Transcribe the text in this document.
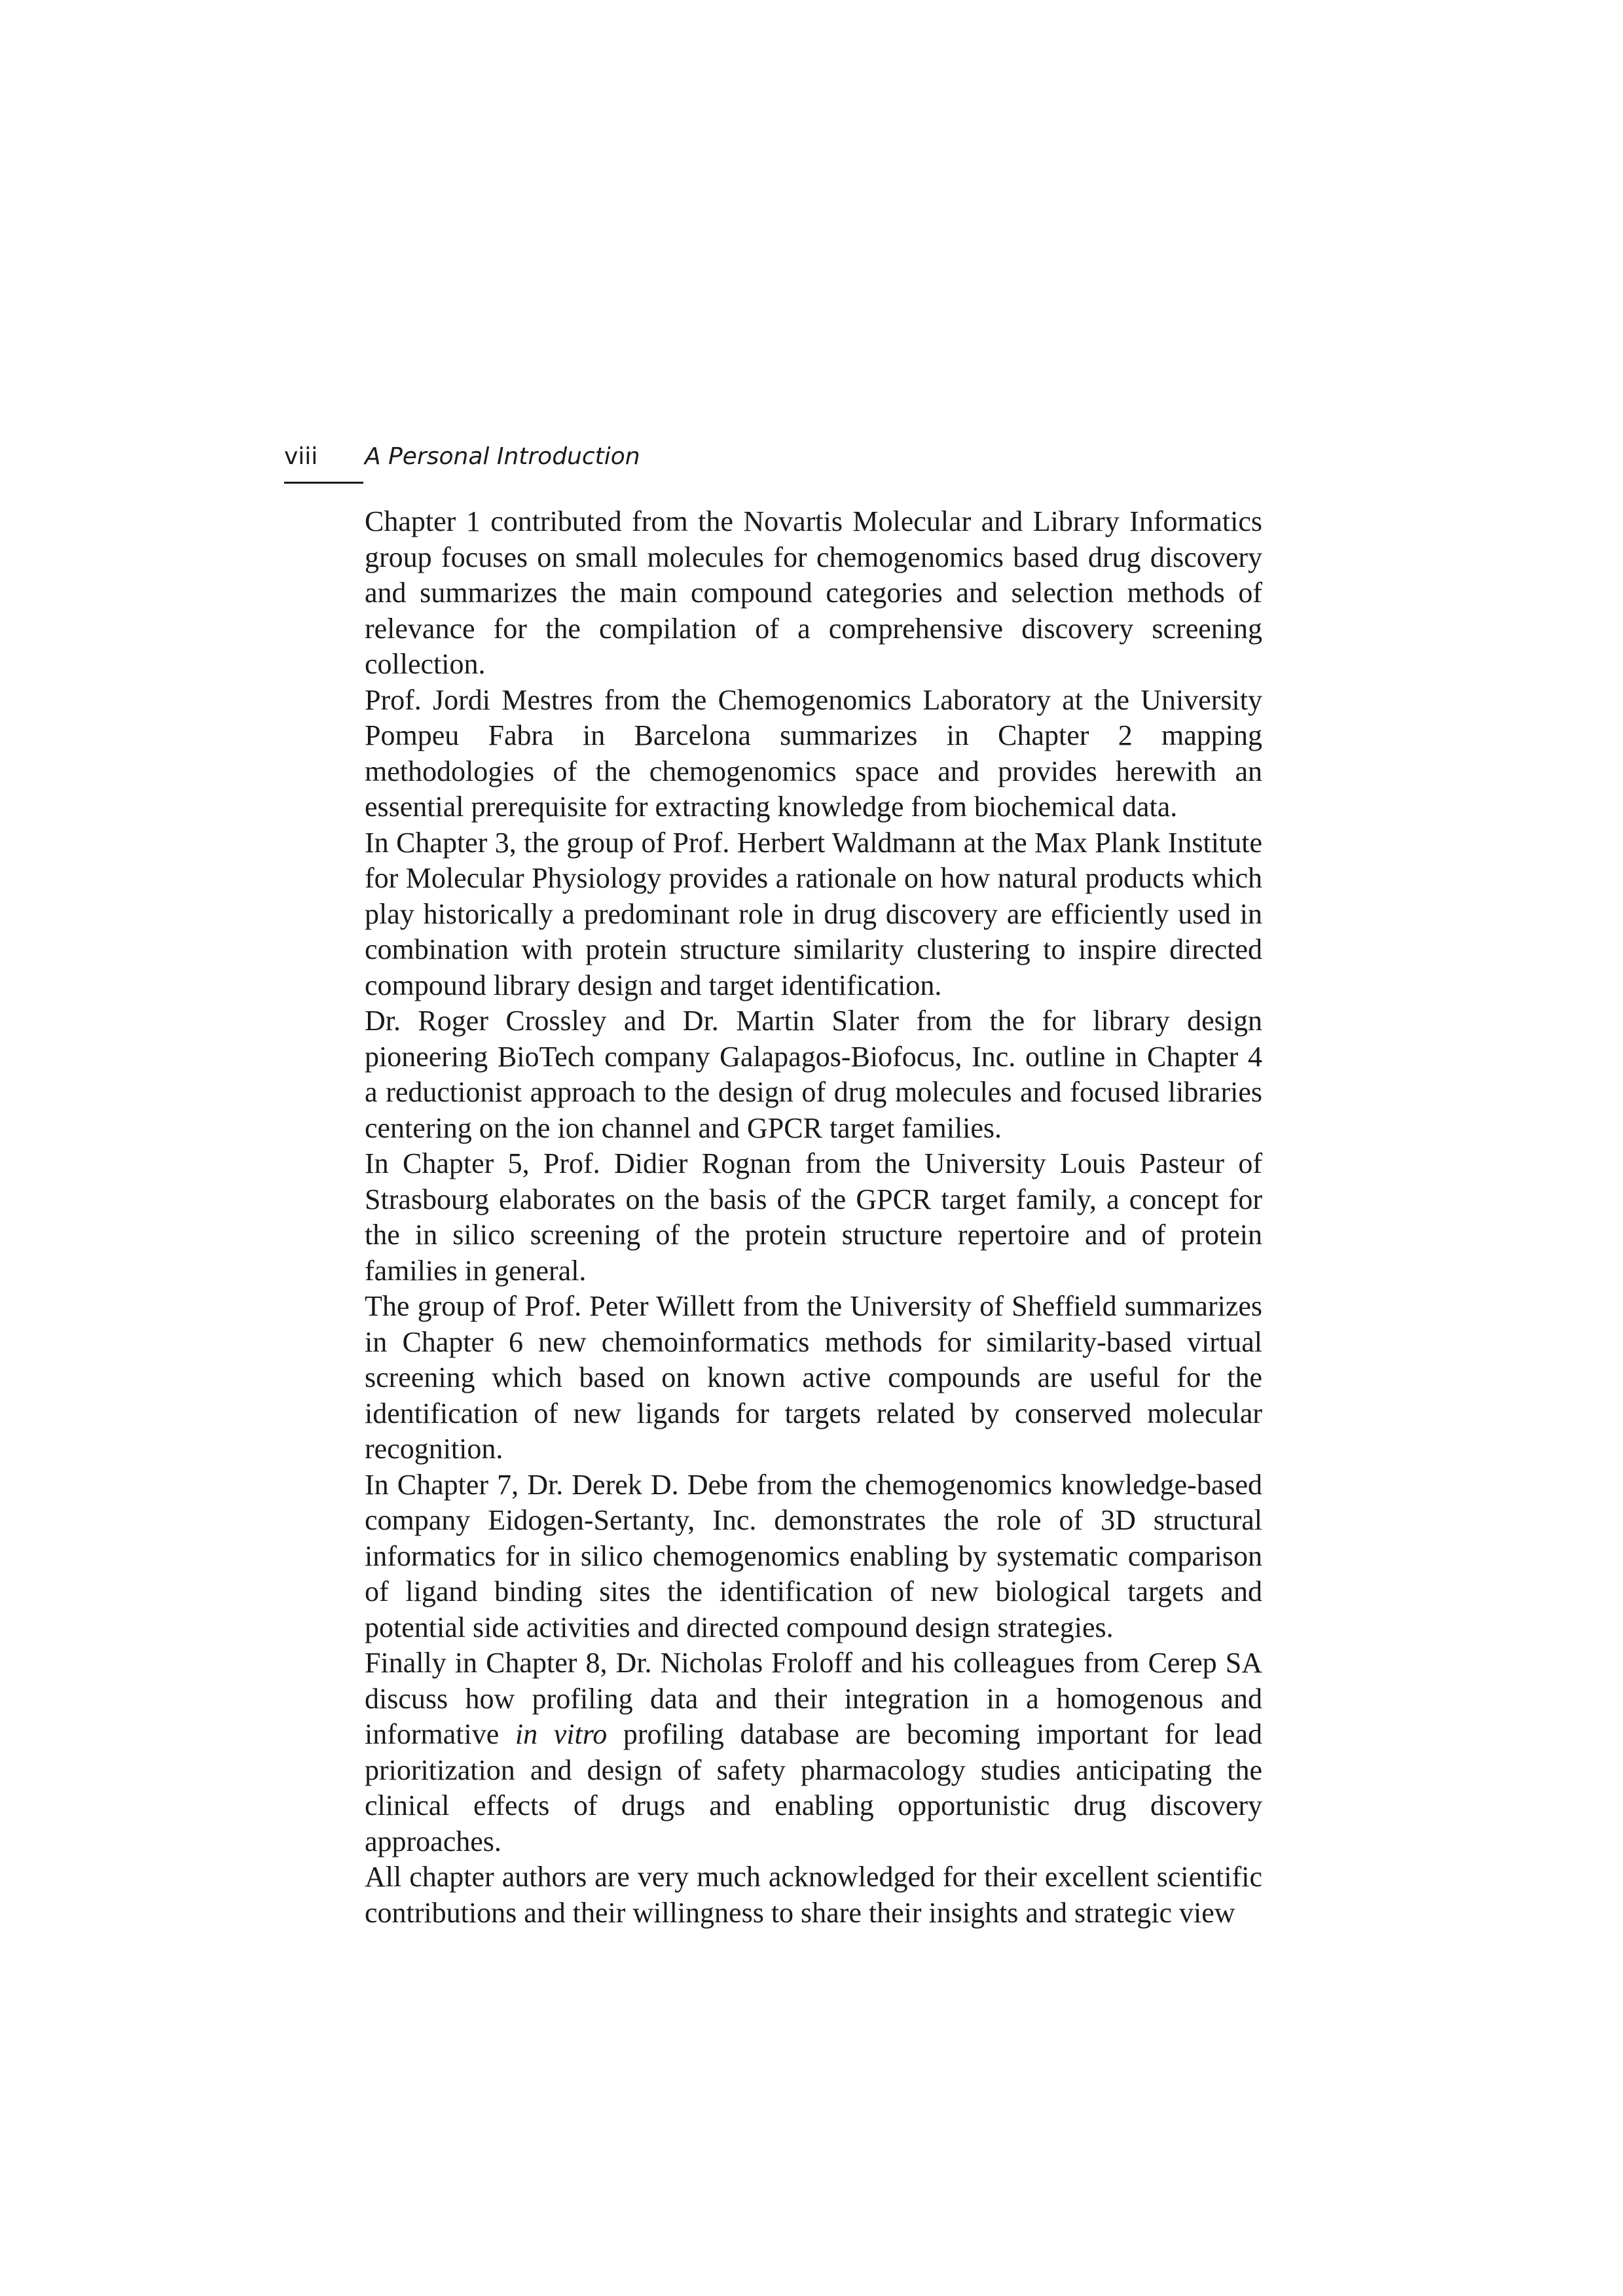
viii A Personal Introduction

Chapter 1 contributed from the Novartis Molecular and Library Informatics group focuses on small molecules for chemogenomics based drug discovery and summarizes the main compound categories and selection methods of relevance for the compilation of a comprehensive discovery screening collection.

Prof. Jordi Mestres from the Chemogenomics Laboratory at the University Pompeu Fabra in Barcelona summarizes in Chapter 2 mapping methodologies of the chemogenomics space and provides herewith an essential prerequisite for extracting knowledge from biochemical data.

In Chapter 3, the group of Prof. Herbert Waldmann at the Max Plank Institute for Molecular Physiology provides a rationale on how natural products which play historically a predominant role in drug discovery are efficiently used in combination with protein structure similarity clustering to inspire directed compound library design and target identification.

Dr. Roger Crossley and Dr. Martin Slater from the for library design pioneering BioTech company Galapagos-Biofocus, Inc. outline in Chapter 4 a reductionist approach to the design of drug molecules and focused libraries centering on the ion channel and GPCR target families.

In Chapter 5, Prof. Didier Rognan from the University Louis Pasteur of Strasbourg elaborates on the basis of the GPCR target family, a concept for the in silico screening of the protein structure repertoire and of protein families in general.

The group of Prof. Peter Willett from the University of Sheffield summarizes in Chapter 6 new chemoinformatics methods for similarity-based virtual screening which based on known active compounds are useful for the identification of new ligands for targets related by conserved molecular recognition.

In Chapter 7, Dr. Derek D. Debe from the chemogenomics knowledge-based company Eidogen-Sertanty, Inc. demonstrates the role of 3D structural informatics for in silico chemogenomics enabling by systematic comparison of ligand binding sites the identification of new biological targets and potential side activities and directed compound design strategies.

Finally in Chapter 8, Dr. Nicholas Froloff and his colleagues from Cerep SA discuss how profiling data and their integration in a homogenous and informative in vitro profiling database are becoming important for lead prioritization and design of safety pharmacology studies anticipating the clinical effects of drugs and enabling opportunistic drug discovery approaches.

All chapter authors are very much acknowledged for their excellent scientific contributions and their willingness to share their insights and strategic view
